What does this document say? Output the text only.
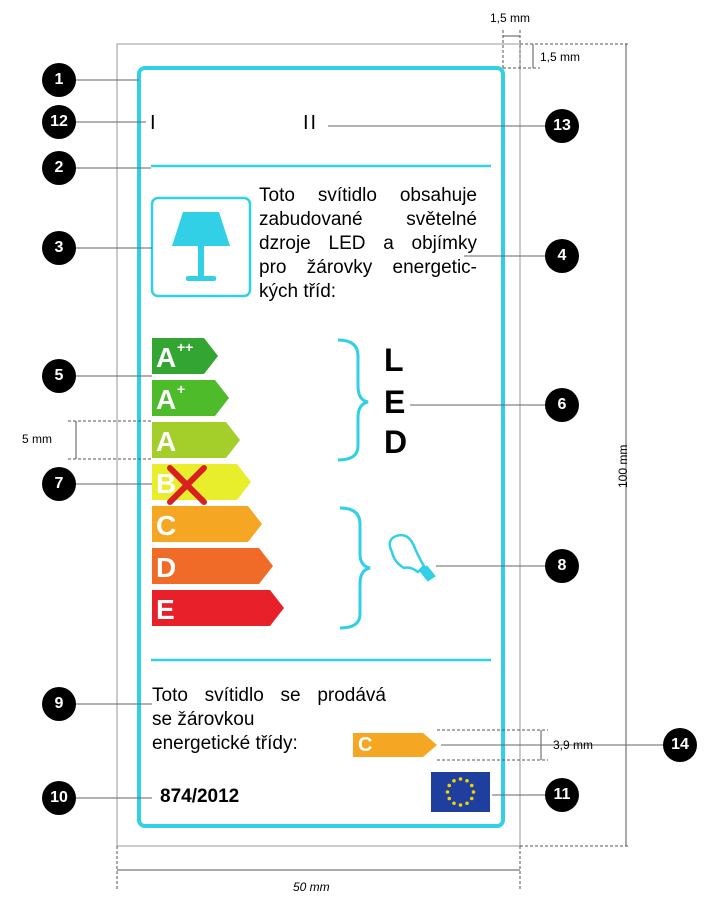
A ++
A +
A
B
C
D
E
1,5 mm
1,5 mm
100 mm
50 mm
5 mm
3,9 mm
I	II
Toto svítidlo obsahuje
zabudované světelné
dzroje LED a objímky
pro žárovky energetic-
kých tříd:
L
E
D
Toto svítidlo se prodává
se žárovkou
energetické třídy:	C
874/2012
1
12
2
3
5
7
9
10
13
4
6
8
11
14
